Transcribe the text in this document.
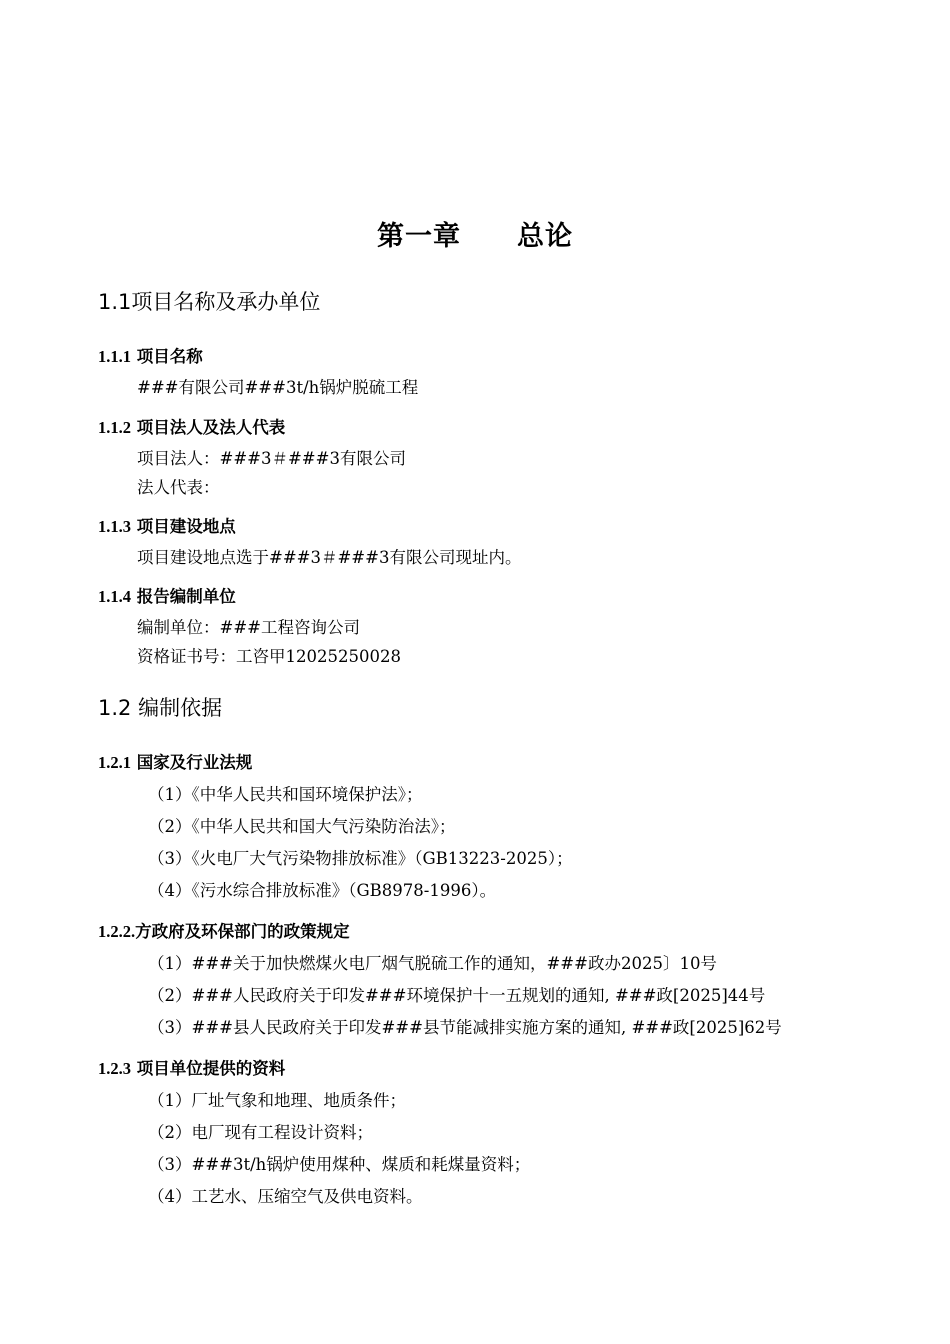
第一章 总论
1.1项目名称及承办单位
1.1.1 项目名称
###有限公司###3t/h锅炉脱硫工程
1.1.2 项目法人及法人代表
项目法人：###3＃###3有限公司
法人代表：
1.1.3 项目建设地点
项目建设地点选于###3＃###3有限公司现址内。
1.1.4 报告编制单位
编制单位：###工程咨询公司
资格证书号：工咨甲12025250028
1.2 编制依据
1.2.1 国家及行业法规
（1）《中华人民共和国环境保护法》；
（2）《中华人民共和国大气污染防治法》；
（3）《火电厂大气污染物排放标准》（GB13223-2025）；
（4）《污水综合排放标准》（GB8978-1996）。
1.2.2.方政府及环保部门的政策规定
（1）###关于加快燃煤火电厂烟气脱硫工作的通知，###政办2025〕10号
（2）###人民政府关于印发###环境保护十一五规划的通知, ###政[2025]44号
（3）###县人民政府关于印发###县节能减排实施方案的通知, ###政[2025]62号
1.2.3 项目单位提供的资料
（1）厂址气象和地理、地质条件；
（2）电厂现有工程设计资料；
（3）###3t/h锅炉使用煤种、煤质和耗煤量资料；
（4）工艺水、压缩空气及供电资料。
